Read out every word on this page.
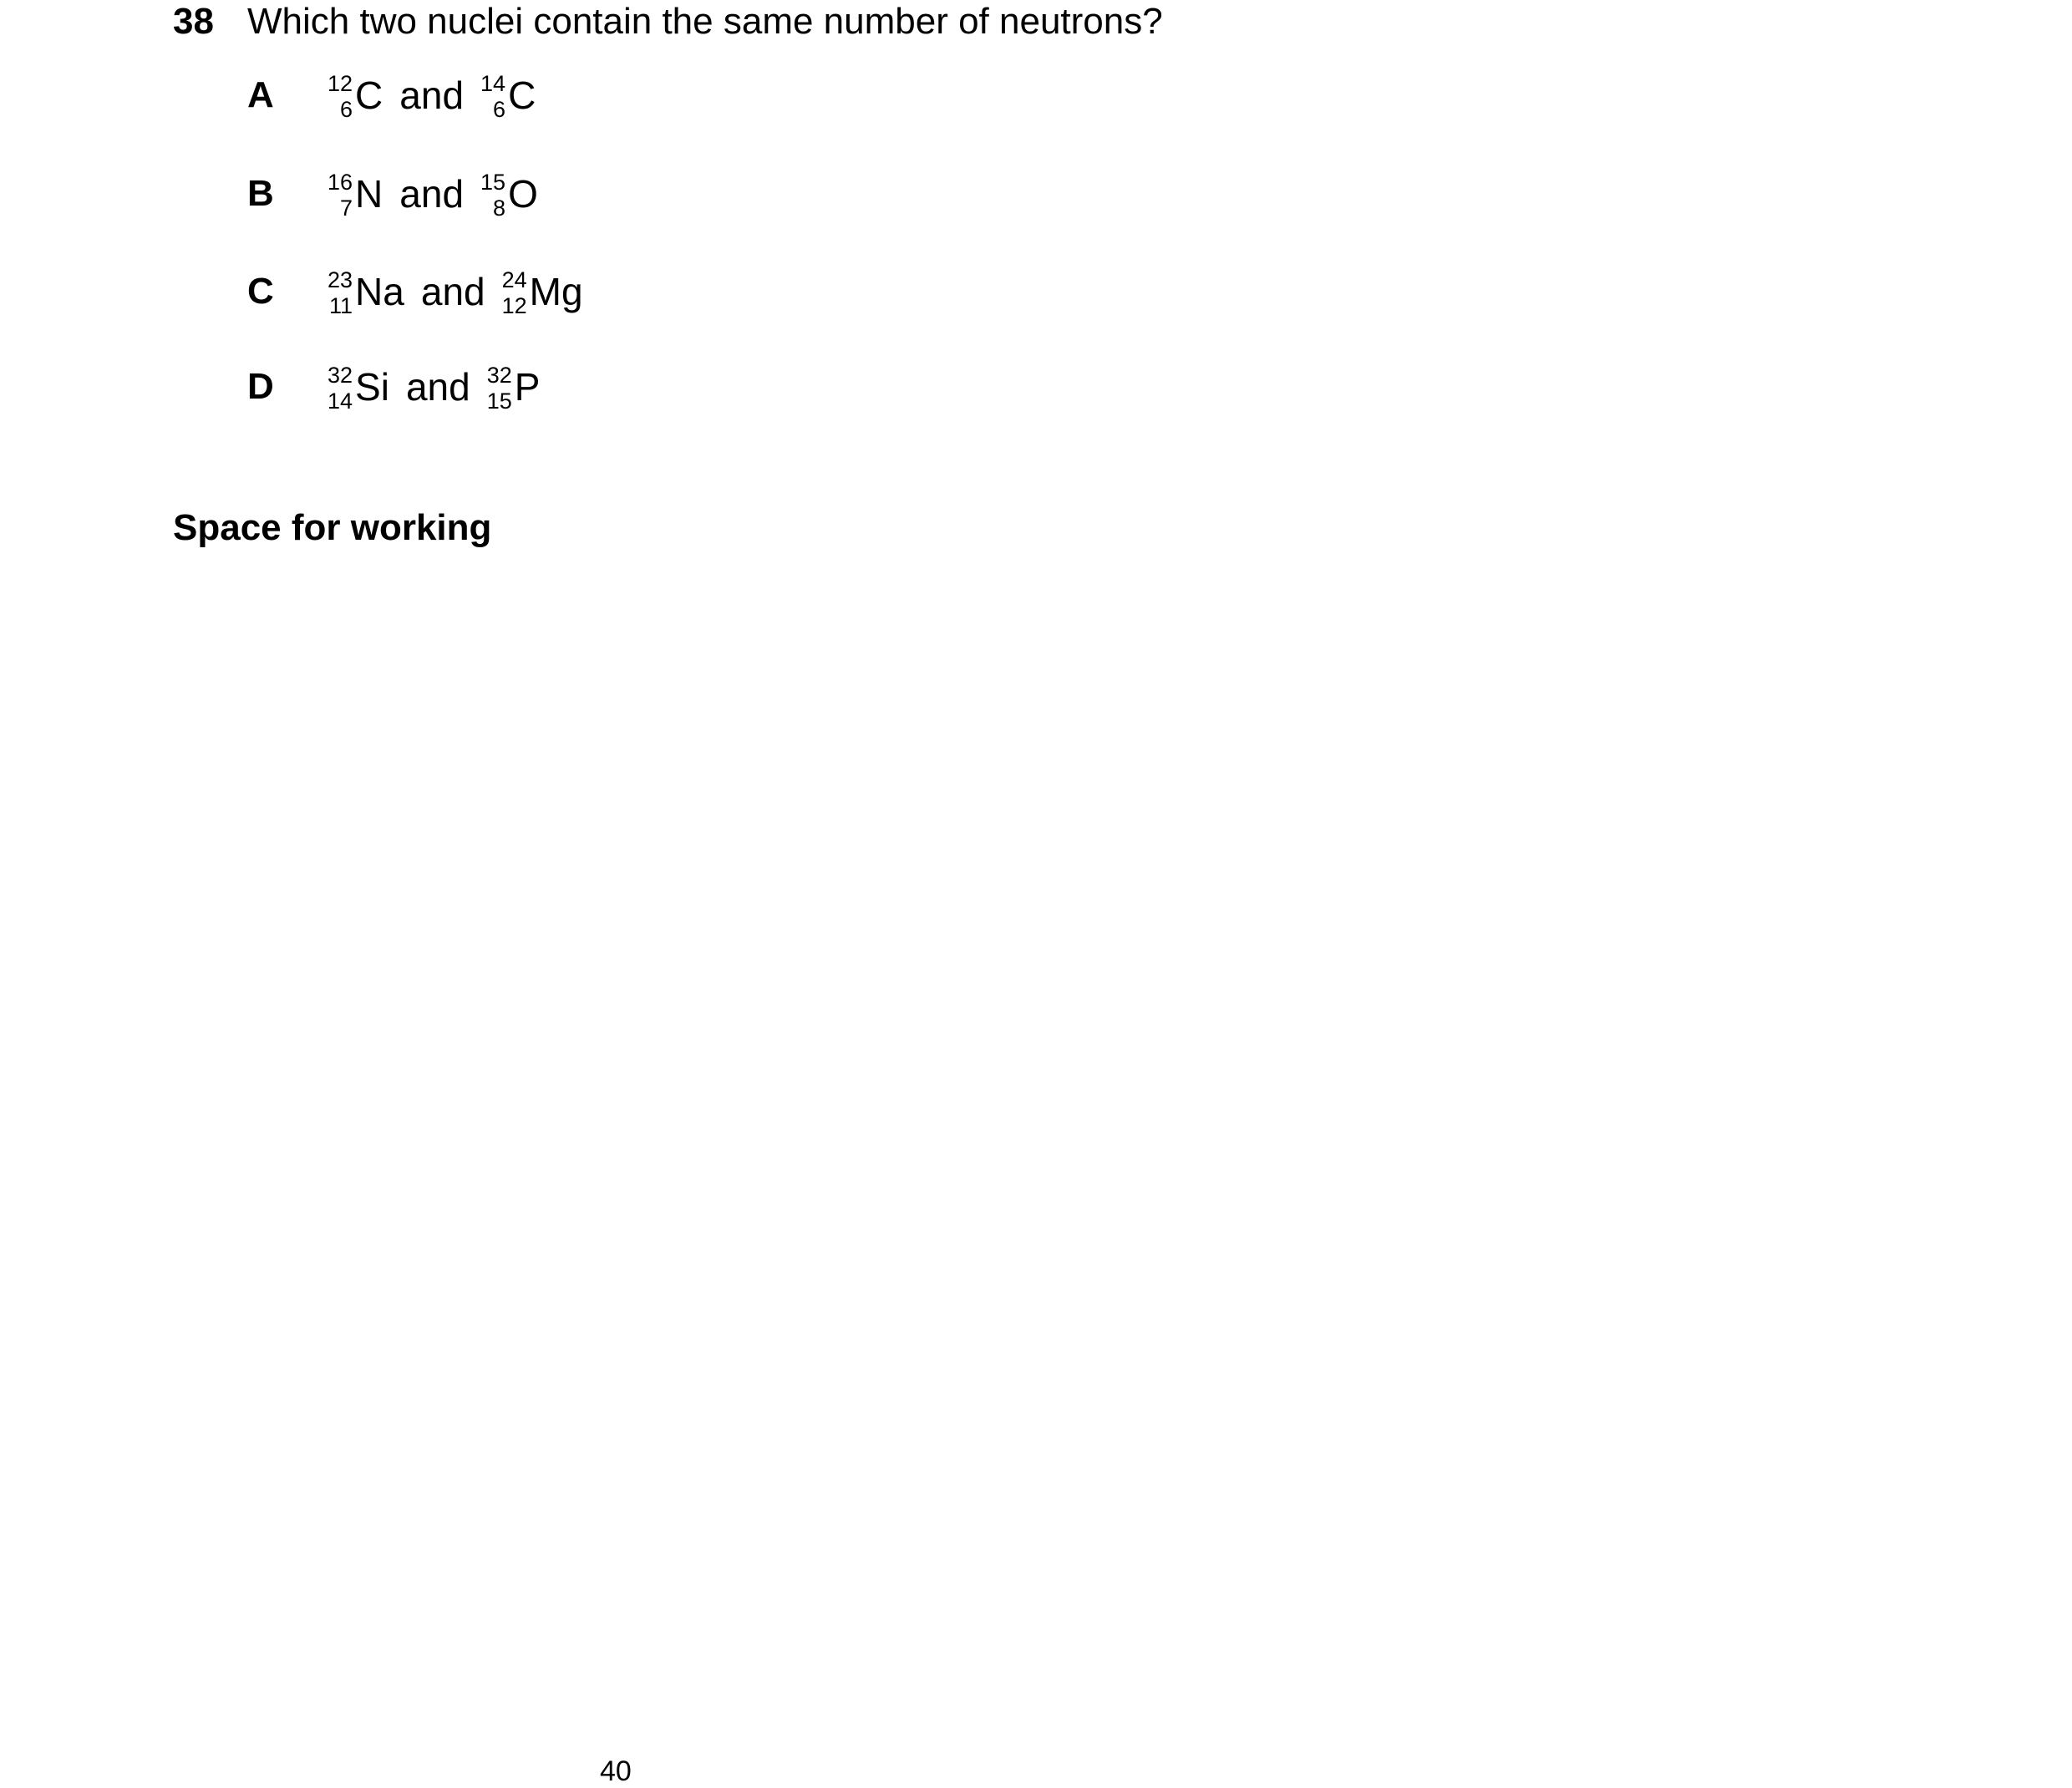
38 Which two nuclei contain the same number of neutrons?
A	12
6 C and 14
6 C
B	16
7 N and 15
8 O
C	23
11 Na and 24
12 Mg
D	32
14 Si and 32
15 P
Space for working
40
